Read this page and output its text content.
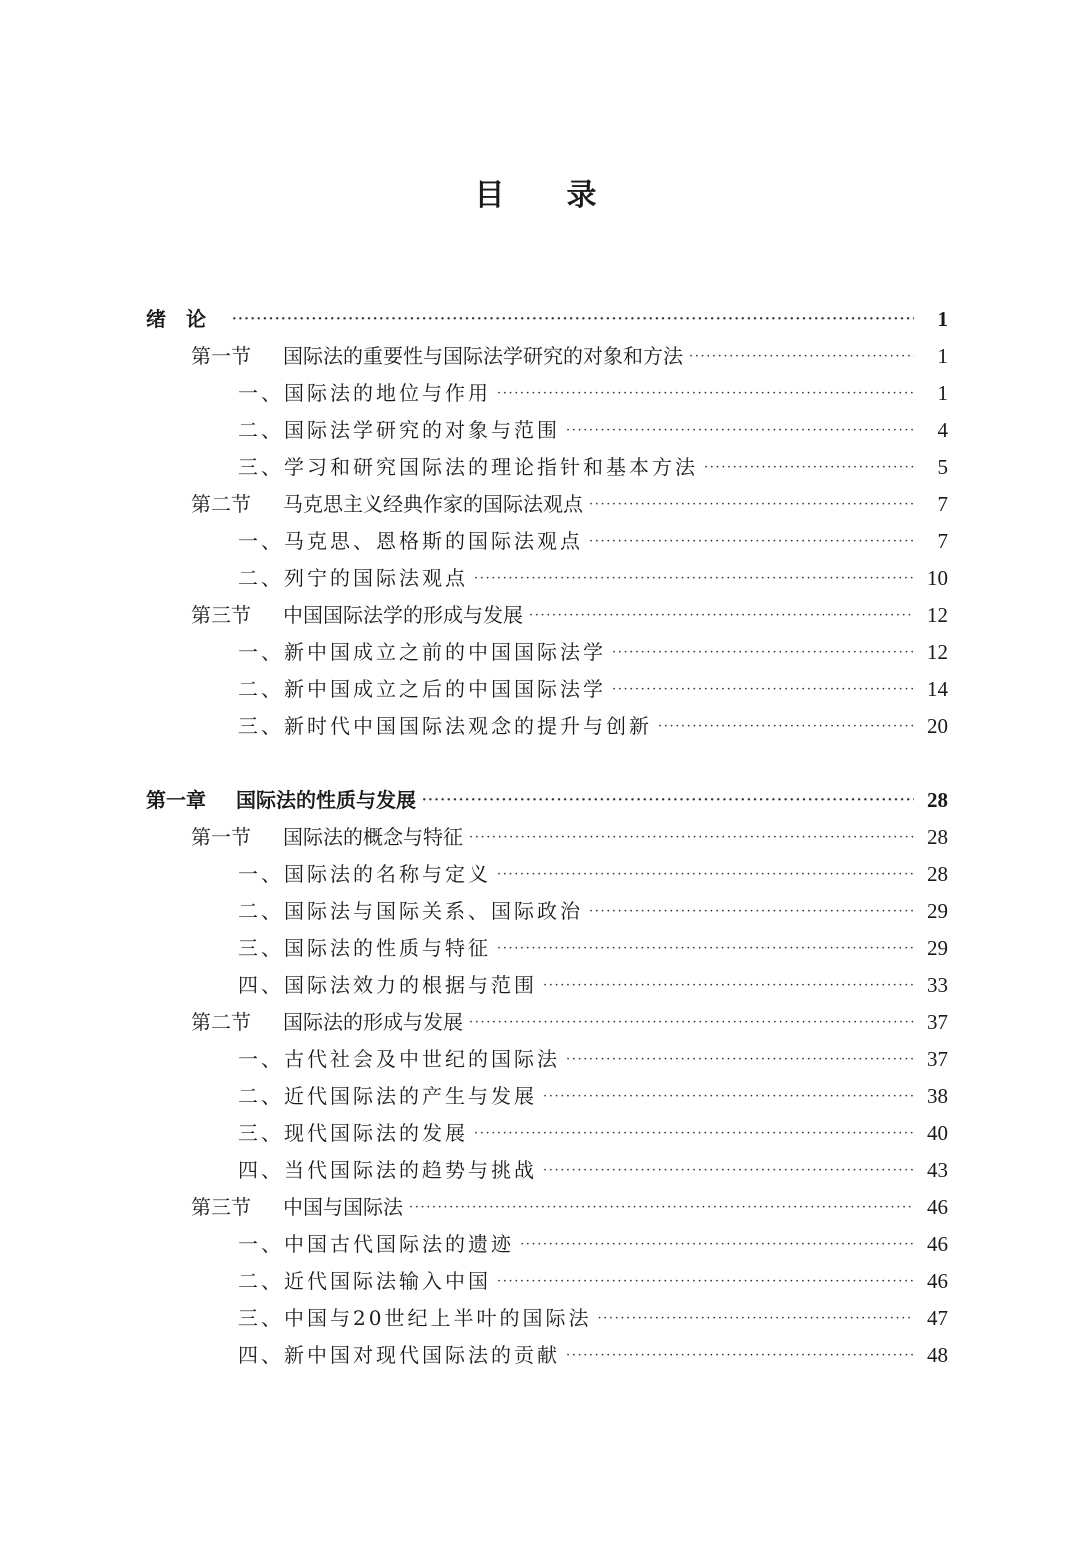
目 录
绪论 ·····	1
第一节 国际法的重要性与国际法学研究的对象和方法 ·····	1
一、国际法的地位与作用 ·····	1
二、国际法学研究的对象与范围 ·····	4
三、学习和研究国际法的理论指针和基本方法 ·····	5
第二节 马克思主义经典作家的国际法观点 ·····	7
一、马克思、恩格斯的国际法观点 ·····	7
二、列宁的国际法观点 ·····	10
第三节 中国国际法学的形成与发展 ·····	12
一、新中国成立之前的中国国际法学 ·····	12
二、新中国成立之后的中国国际法学 ·····	14
三、新时代中国国际法观念的提升与创新 ·····	20
第一章 国际法的性质与发展 ·····	28
第一节 国际法的概念与特征 ·····	28
一、国际法的名称与定义 ·····	28
二、国际法与国际关系、国际政治 ·····	29
三、国际法的性质与特征 ·····	29
四、国际法效力的根据与范围 ·····	33
第二节 国际法的形成与发展 ·····	37
一、古代社会及中世纪的国际法 ·····	37
二、近代国际法的产生与发展 ·····	38
三、现代国际法的发展 ·····	40
四、当代国际法的趋势与挑战 ·····	43
第三节 中国与国际法 ·····	46
一、中国古代国际法的遗迹 ·····	46
二、近代国际法输入中国 ·····	46
三、中国与20世纪上半叶的国际法 ·····	47
四、新中国对现代国际法的贡献 ·····	48
